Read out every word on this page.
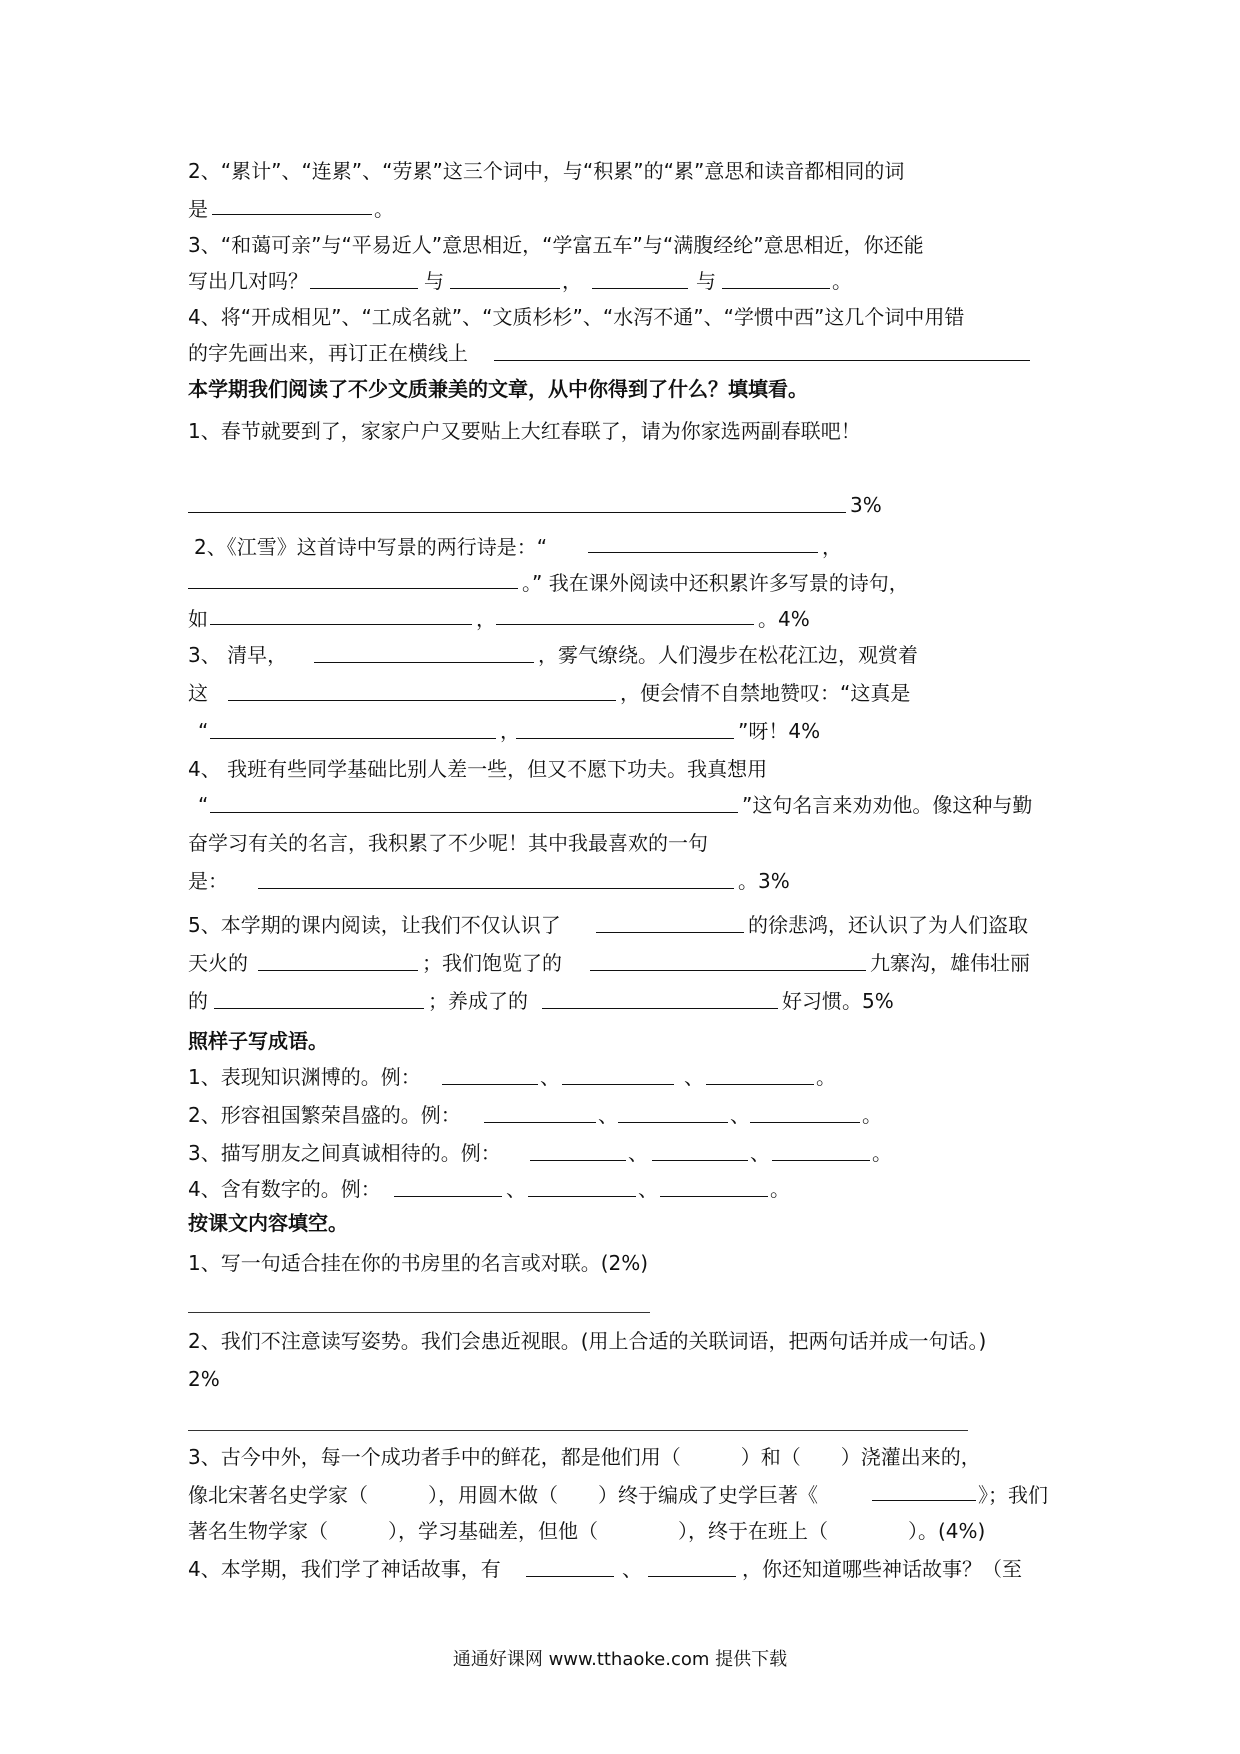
2、“累计”、“连累”、“劳累”这三个词中，与“积累”的“累”意思和读音都相同的词
是	。
3、“和蔼可亲”与“平易近人”意思相近，“学富五车”与“满腹经纶”意思相近，你还能
写出几对吗？	与	，	与	。
4、将“开成相见”、“工成名就”、“文质杉杉”、“水泻不通”、“学惯中西”这几个词中用错
的字先画出来，再订正在横线上
本学期我们阅读了不少文质兼美的文章，从中你得到了什么？填填看。
1、春节就要到了，家家户户又要贴上大红春联了，请为你家选两副春联吧！
3%
2、《江雪》这首诗中写景的两行诗是：“	，
。” 我在课外阅读中还积累许多写景的诗句，
如	，	。4%
3、 清早，	，雾气缭绕。人们漫步在松花江边，观赏着
这	，便会情不自禁地赞叹：“这真是
“	，	”呀！4%
4、 我班有些同学基础比别人差一些，但又不愿下功夫。我真想用
“	”这句名言来劝劝他。像这种与勤
奋学习有关的名言，我积累了不少呢！其中我最喜欢的一句
是：	。3%
5、本学期的课内阅读，让我们不仅认识了	的徐悲鸿，还认识了为人们盗取
天火的	；我们饱览了的	九寨沟，雄伟壮丽
的	；养成了的	好习惯。5%
照样子写成语。
1、表现知识渊博的。例：	、	、	。
2、形容祖国繁荣昌盛的。例：	、	、	。
3、描写朋友之间真诚相待的。例：	、	、	。
4、含有数字的。例：	、	、	。
按课文内容填空。
1、写一句适合挂在你的书房里的名言或对联。(2%)
2、我们不注意读写姿势。我们会患近视眼。(用上合适的关联词语，把两句话并成一句话。)
2%
3、古今中外，每一个成功者手中的鲜花，都是他们用（　　　）和（　　）浇灌出来的，
像北宋著名史学家（　　　），用圆木做（　　）终于编成了史学巨著《	》；我们
著名生物学家（　　　），学习基础差，但他（　　　　），终于在班上（　　　　）。(4%)
4、本学期，我们学了神话故事，有	、	，你还知道哪些神话故事？（至
通通好课网 www.tthaoke.com 提供下载
